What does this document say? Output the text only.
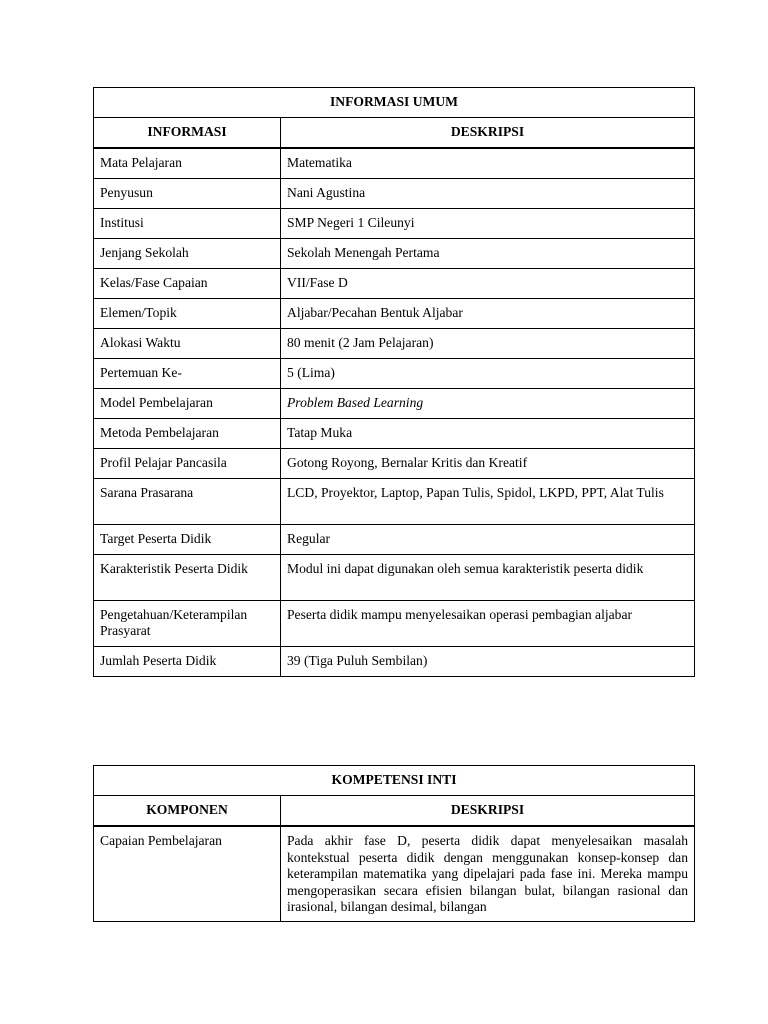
INFORMASI UMUM	
INFORMASI	DESKRIPSI
Mata Pelajaran	Matematika
Penyusun	Nani Agustina
Institusi	SMP Negeri 1 Cileunyi
Jenjang Sekolah	Sekolah Menengah Pertama
Kelas/Fase Capaian	VII/Fase D
Elemen/Topik	Aljabar/Pecahan Bentuk Aljabar
Alokasi Waktu	80 menit (2 Jam Pelajaran)
Pertemuan Ke-	5 (Lima)
Model Pembelajaran	Problem Based Learning
Metoda Pembelajaran	Tatap Muka
Profil Pelajar Pancasila	Gotong Royong, Bernalar Kritis dan Kreatif
Sarana Prasarana	LCD, Proyektor, Laptop, Papan Tulis, Spidol, LKPD, PPT, Alat Tulis
Target Peserta Didik	Regular
Karakteristik Peserta Didik	Modul ini dapat digunakan oleh semua karakteristik peserta didik
Pengetahuan/Keterampilan Prasyarat	Peserta didik mampu menyelesaikan operasi pembagian aljabar
Jumlah Peserta Didik	39 (Tiga Puluh Sembilan)
KOMPETENSI INTI	
KOMPONEN	DESKRIPSI
Capaian Pembelajaran	Pada akhir fase D, peserta didik dapat menyelesaikan masalah kontekstual peserta didik dengan menggunakan konsep-konsep dan keterampilan matematika yang dipelajari pada fase ini. Mereka mampu mengoperasikan secara efisien bilangan bulat, bilangan rasional dan irasional, bilangan desimal, bilangan
